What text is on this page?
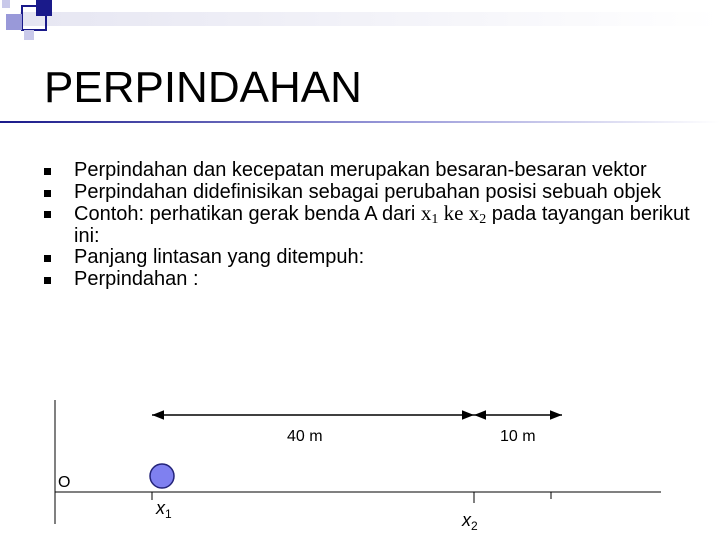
PERPINDAHAN
Perpindahan dan kecepatan merupakan besaran-besaran vektor
Perpindahan didefinisikan sebagai perubahan posisi sebuah objek
Contoh: perhatikan gerak benda A dari $x_1$ ke $x_2$ pada tayangan berikut ini:
Panjang lintasan yang ditempuh:
Perpindahan :
40 m	10 m
O
$x_1$	$x_2$
